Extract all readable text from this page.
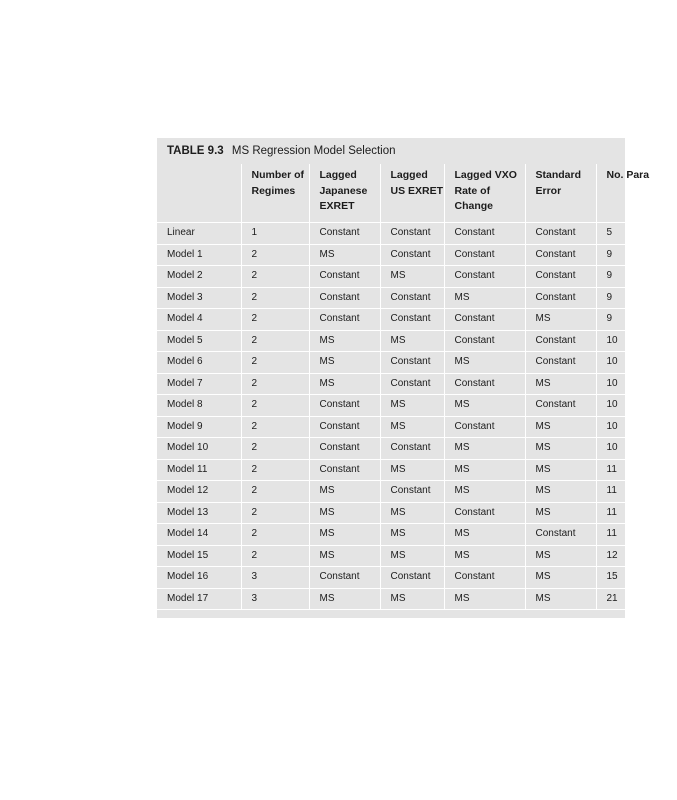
TABLE 9.3 MS Regression Model Selection
	Number of Regimes	Lagged Japanese EXRET	Lagged US EXRET	Lagged VXO Rate of Change	Standard Error	No. Para
Linear	1	Constant	Constant	Constant	Constant	5
Model 1	2	MS	Constant	Constant	Constant	9
Model 2	2	Constant	MS	Constant	Constant	9
Model 3	2	Constant	Constant	MS	Constant	9
Model 4	2	Constant	Constant	Constant	MS	9
Model 5	2	MS	MS	Constant	Constant	10
Model 6	2	MS	Constant	MS	Constant	10
Model 7	2	MS	Constant	Constant	MS	10
Model 8	2	Constant	MS	MS	Constant	10
Model 9	2	Constant	MS	Constant	MS	10
Model 10	2	Constant	Constant	MS	MS	10
Model 11	2	Constant	MS	MS	MS	11
Model 12	2	MS	Constant	MS	MS	11
Model 13	2	MS	MS	Constant	MS	11
Model 14	2	MS	MS	MS	Constant	11
Model 15	2	MS	MS	MS	MS	12
Model 16	3	Constant	Constant	Constant	MS	15
Model 17	3	MS	MS	MS	MS	21
